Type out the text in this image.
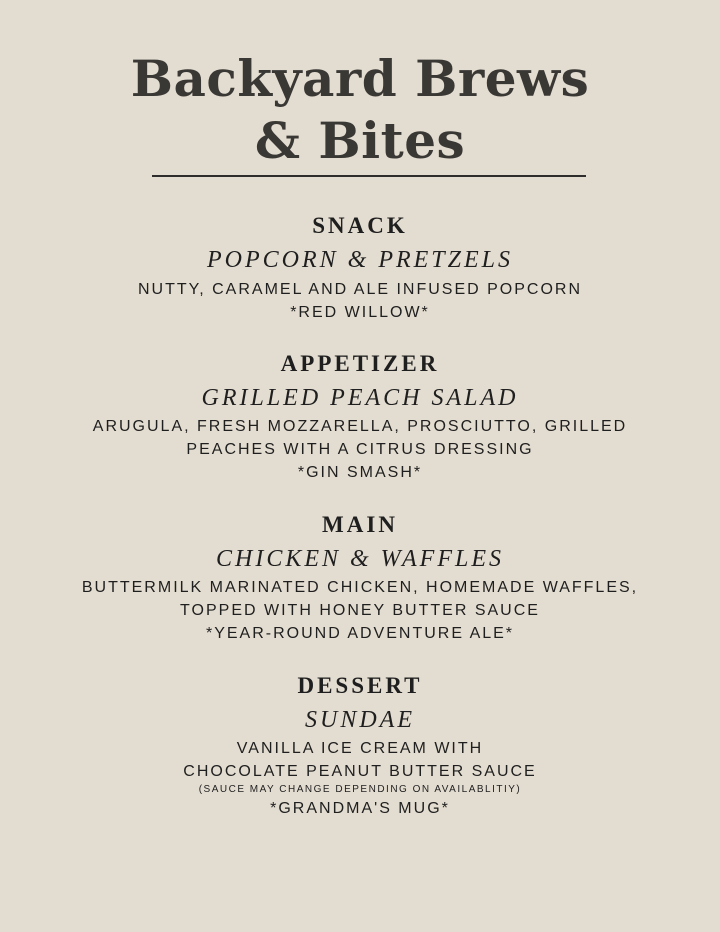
Backyard Brews
& Bites
SNACK
POPCORN & PRETZELS
NUTTY, CARAMEL AND ALE INFUSED POPCORN
*RED WILLOW*
APPETIZER
GRILLED PEACH SALAD
ARUGULA, FRESH MOZZARELLA, PROSCIUTTO, GRILLED
PEACHES WITH A CITRUS DRESSING
*GIN SMASH*
MAIN
CHICKEN & WAFFLES
BUTTERMILK MARINATED CHICKEN, HOMEMADE WAFFLES,
TOPPED WITH HONEY BUTTER SAUCE
*YEAR-ROUND ADVENTURE ALE*
DESSERT
SUNDAE
VANILLA ICE CREAM WITH
CHOCOLATE PEANUT BUTTER SAUCE
(SAUCE MAY CHANGE DEPENDING ON AVAILABLITIY)
*GRANDMA'S MUG*
